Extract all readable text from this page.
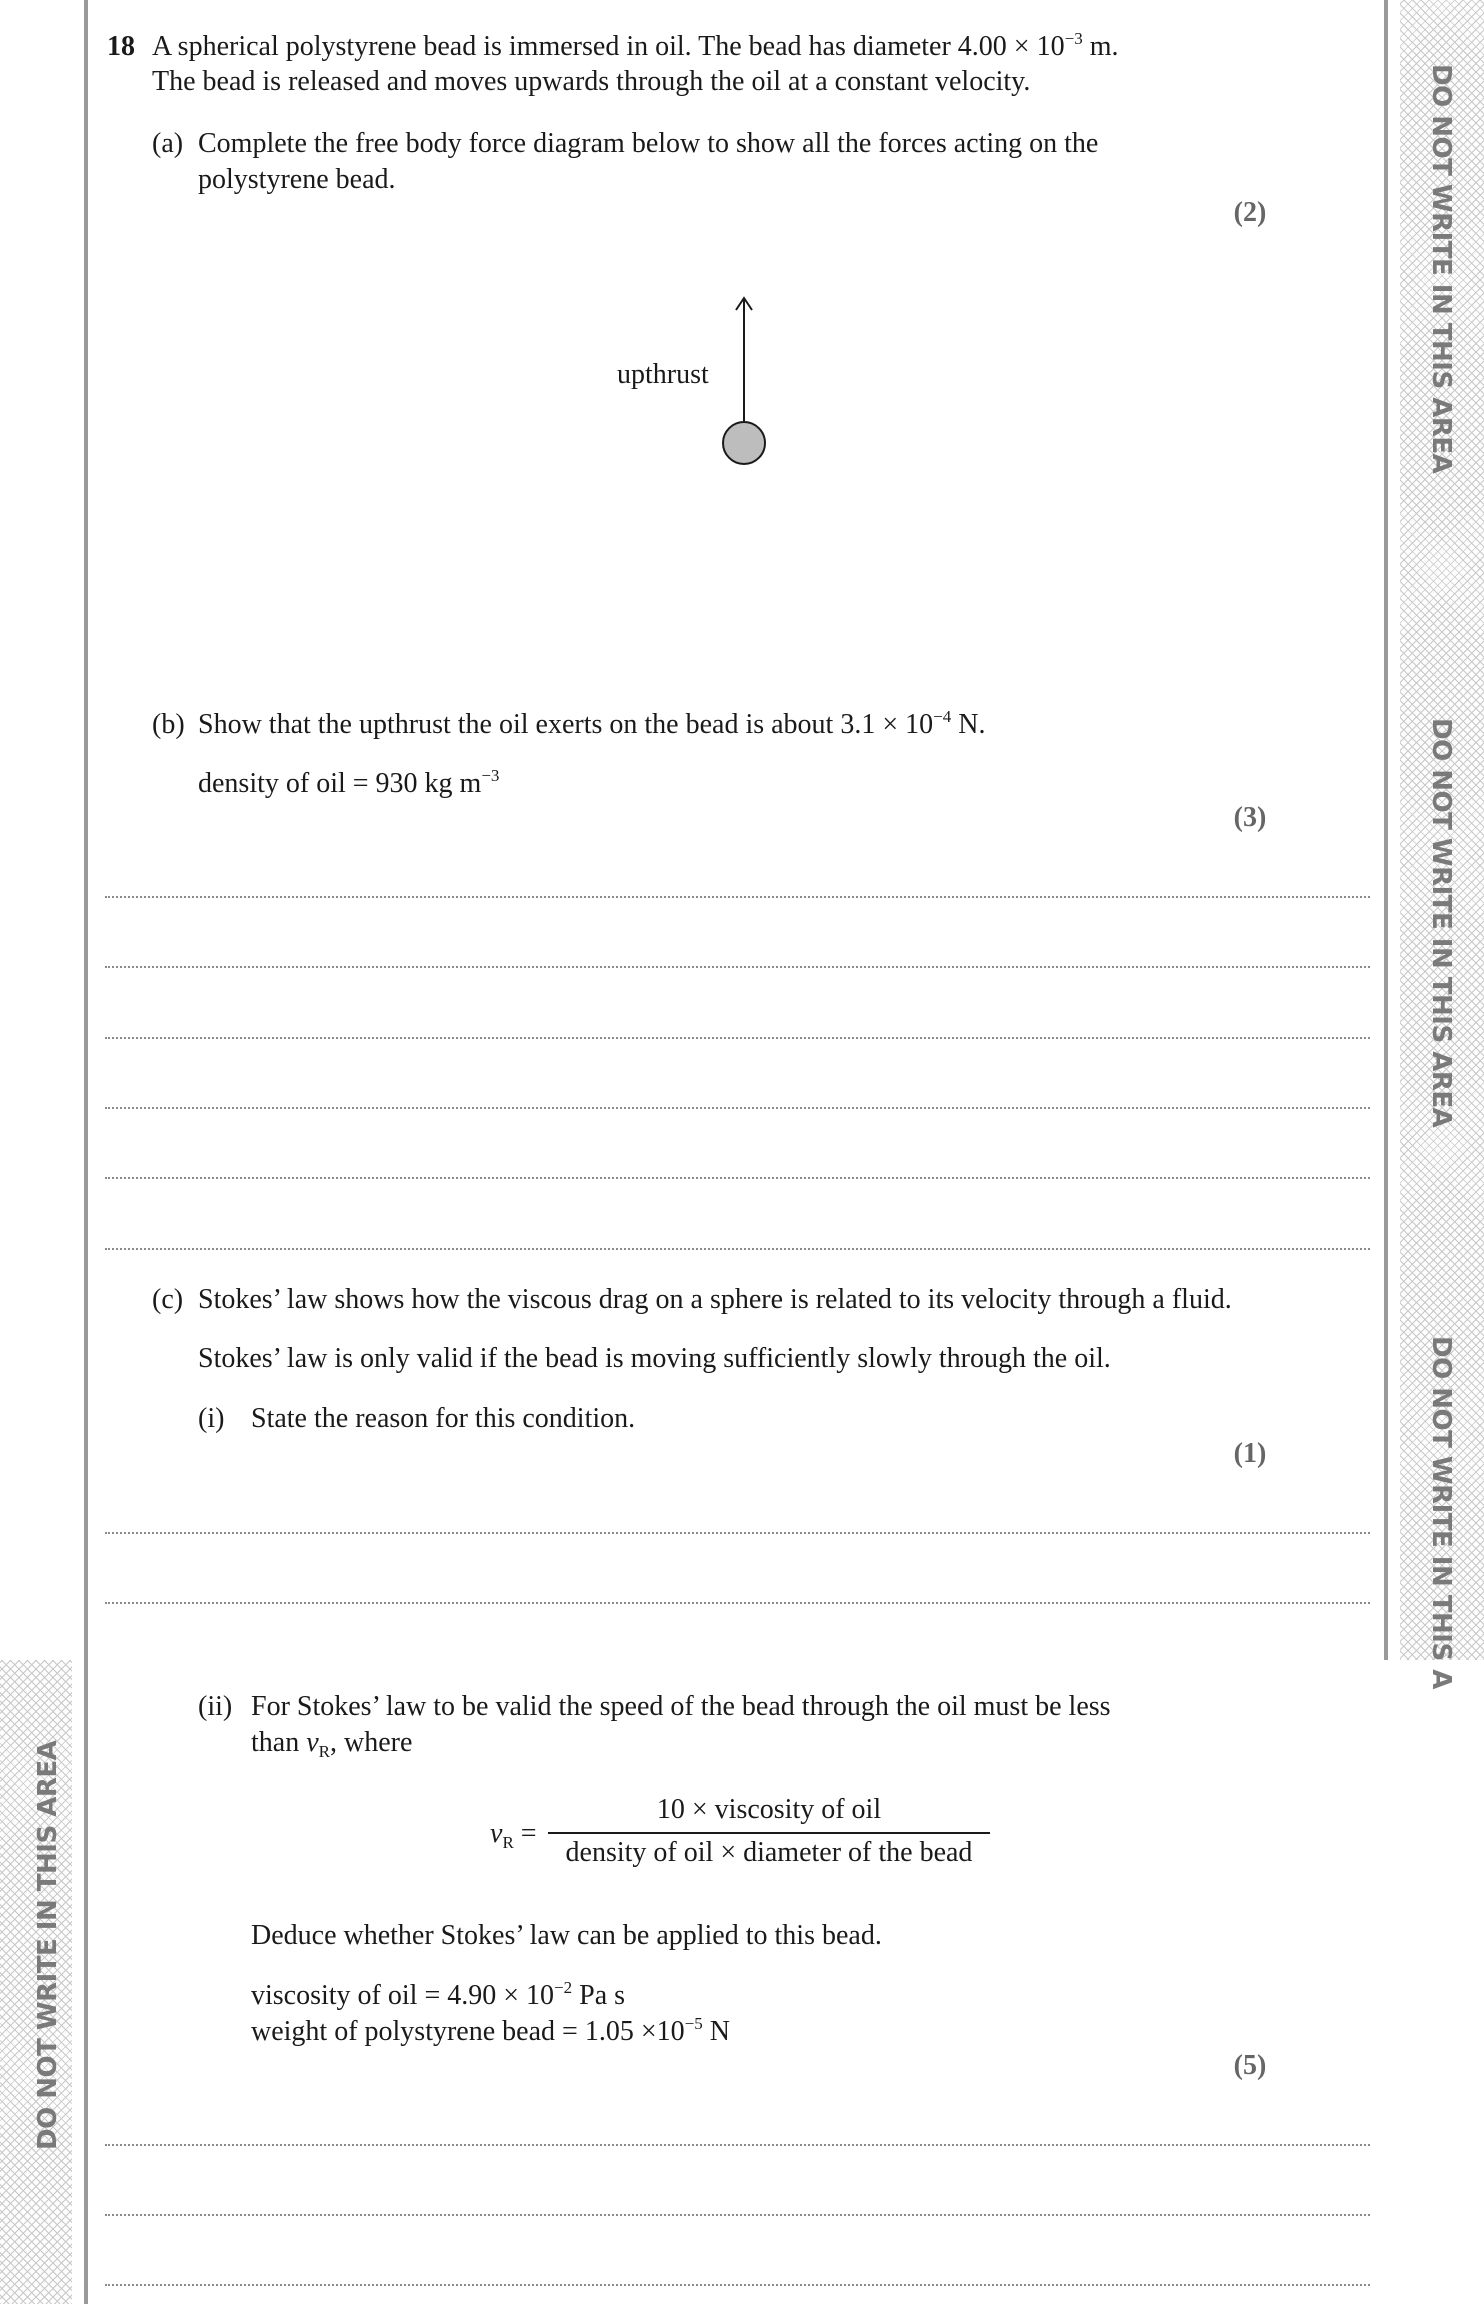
DO NOT WRITE IN THIS AREA
DO NOT WRITE IN THIS AREA
DO NOT WRITE IN THIS A
DO NOT WRITE IN THIS AREA
18 A spherical polystyrene bead is immersed in oil. The bead has diameter $4.00 \times 10^{-3}$ m.
The bead is released and moves upwards through the oil at a constant velocity.
(a) Complete the free body force diagram below to show all the forces acting on the
polystyrene bead.
(2)
upthrust
(b) Show that the upthrust the oil exerts on the bead is about $3.1 \times 10^{-4}$ N.
density of oil = 930 kg $m^{-3}$
(3)
(c) Stokes’ law shows how the viscous drag on a sphere is related to its velocity through a fluid.
Stokes’ law is only valid if the bead is moving sufficiently slowly through the oil.
(i) State the reason for this condition.
(1)
(ii) For Stokes’ law to be valid the speed of the bead through the oil must be less
than $v_R$, where
$v_R$ =
10 × viscosity of oil
density of oil × diameter of the bead
Deduce whether Stokes’ law can be applied to this bead.
viscosity of oil = $4.90 \times 10^{-2}$ Pa s
weight of polystyrene bead = $1.05 \times 10^{-5}$ N
(5)
